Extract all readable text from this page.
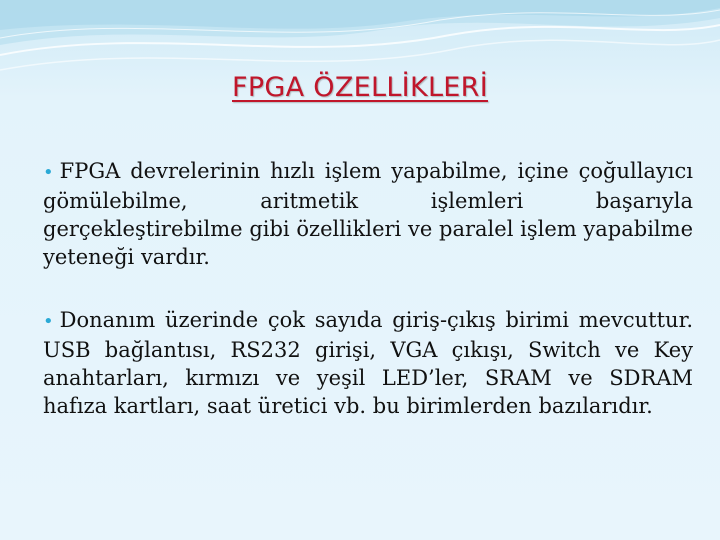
FPGA ÖZELLİKLERİ
• FPGA devrelerinin hızlı işlem yapabilme, içine çoğullayıcı gömülebilme, aritmetik işlemleri başarıyla gerçekleştirebilme gibi özellikleri ve paralel işlem yapabilme yeteneği vardır.
• Donanım üzerinde çok sayıda giriş-çıkış birimi mevcuttur. USB bağlantısı, RS232 girişi, VGA çıkışı, Switch ve Key anahtarları, kırmızı ve yeşil LED’ler, SRAM ve SDRAM hafıza kartları, saat üretici vb. bu birimlerden bazılarıdır.
